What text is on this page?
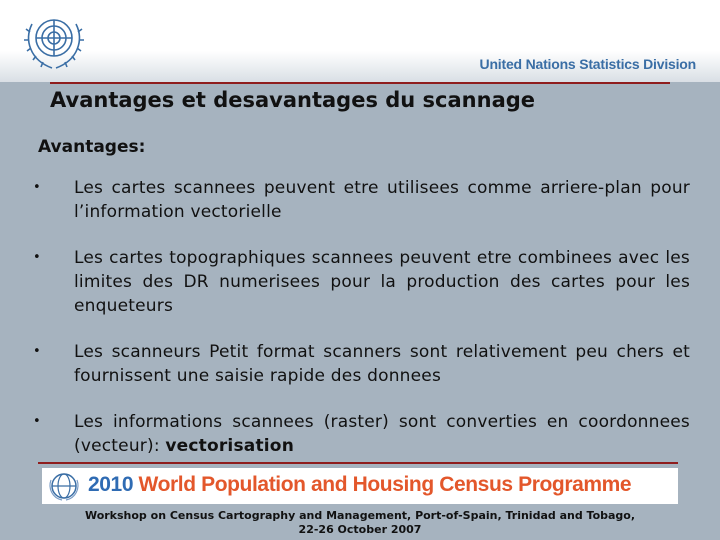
United Nations Statistics Division
Avantages et desavantages du scannage
Avantages:
• Les cartes scannees peuvent etre utilisees comme arriere-plan pour l’information vectorielle
• Les cartes topographiques scannees peuvent etre combinees avec les limites des DR numerisees pour la production des cartes pour les enqueteurs
• Les scanneurs Petit format scanners sont relativement peu chers et fournissent une saisie rapide des donnees
• Les informations scannees (raster) sont converties en coordonnees (vecteur): vectorisation
2010 World Population and Housing Census Programme
Workshop on Census Cartography and Management, Port-of-Spain, Trinidad and Tobago,
22-26 October 2007
